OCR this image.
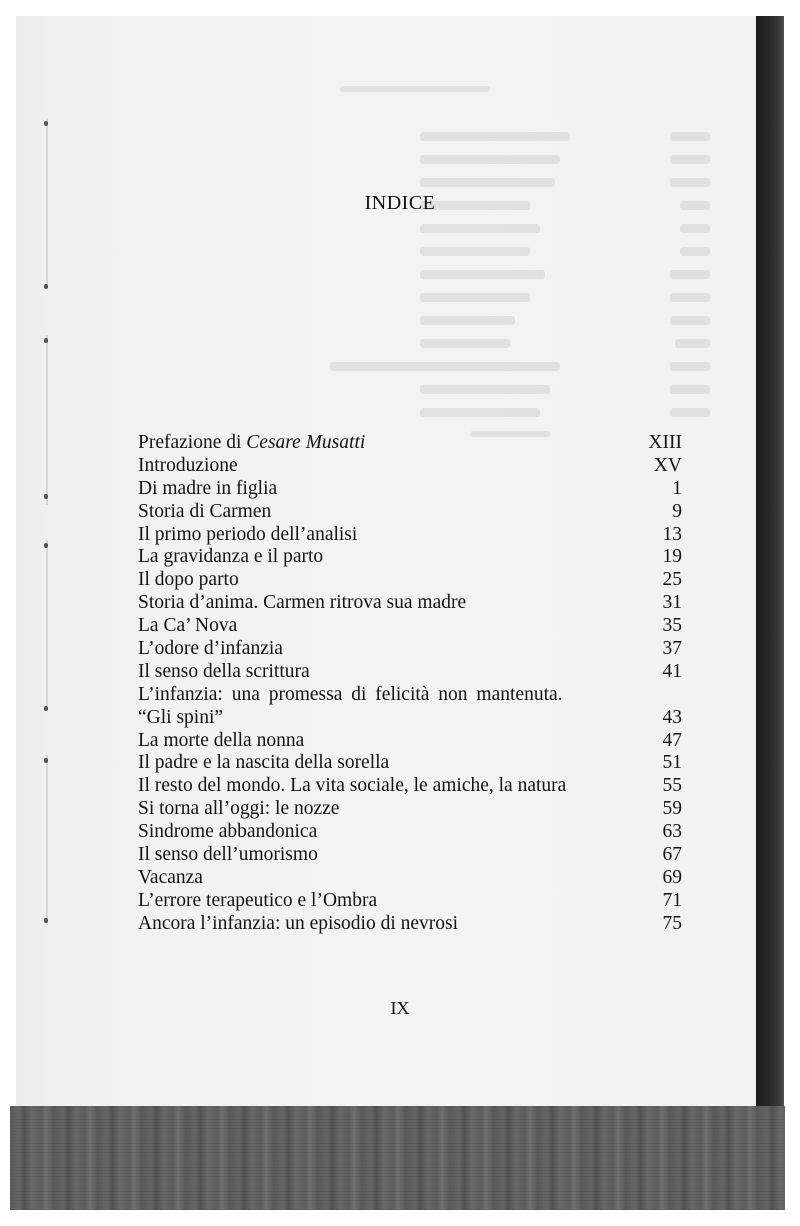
INDICE
Prefazione di Cesare Musatti	XIII
Introduzione	XV
Di madre in figlia	1
Storia di Carmen	9
Il primo periodo dell’analisi	13
La gravidanza e il parto	19
Il dopo parto	25
Storia d’anima. Carmen ritrova sua madre	31
La Ca’ Nova	35
L’odore d’infanzia	37
Il senso della scrittura	41
L’infanzia: una promessa di felicità non mantenuta.
“Gli spini”	43
La morte della nonna	47
Il padre e la nascita della sorella	51
Il resto del mondo. La vita sociale, le amiche, la natura	55
Si torna all’oggi: le nozze	59
Sindrome abbandonica	63
Il senso dell’umorismo	67
Vacanza	69
L’errore terapeutico e l’Ombra	71
Ancora l’infanzia: un episodio di nevrosi	75
IX
